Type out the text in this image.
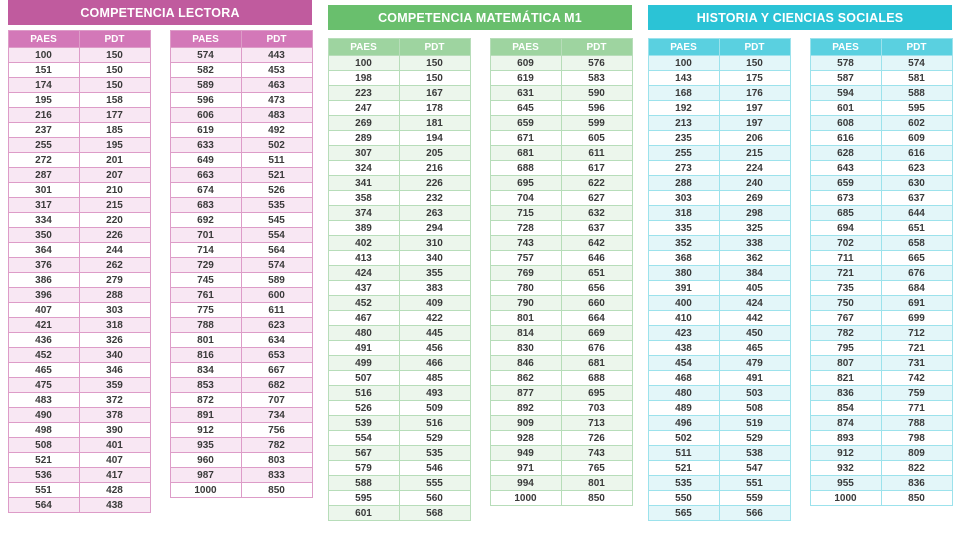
COMPETENCIA LECTORA
PAES	PDT
100	150
151	150
174	150
195	158
216	177
237	185
255	195
272	201
287	207
301	210
317	215
334	220
350	226
364	244
376	262
386	279
396	288
407	303
421	318
436	326
452	340
465	346
475	359
483	372
490	378
498	390
508	401
521	407
536	417
551	428
564	438
PAES	PDT
574	443
582	453
589	463
596	473
606	483
619	492
633	502
649	511
663	521
674	526
683	535
692	545
701	554
714	564
729	574
745	589
761	600
775	611
788	623
801	634
816	653
834	667
853	682
872	707
891	734
912	756
935	782
960	803
987	833
1000	850
COMPETENCIA MATEMÁTICA M1
PAES	PDT
100	150
198	150
223	167
247	178
269	181
289	194
307	205
324	216
341	226
358	232
374	263
389	294
402	310
413	340
424	355
437	383
452	409
467	422
480	445
491	456
499	466
507	485
516	493
526	509
539	516
554	529
567	535
579	546
588	555
595	560
601	568
PAES	PDT
609	576
619	583
631	590
645	596
659	599
671	605
681	611
688	617
695	622
704	627
715	632
728	637
743	642
757	646
769	651
780	656
790	660
801	664
814	669
830	676
846	681
862	688
877	695
892	703
909	713
928	726
949	743
971	765
994	801
1000	850
HISTORIA Y CIENCIAS SOCIALES
PAES	PDT
100	150
143	175
168	176
192	197
213	197
235	206
255	215
273	224
288	240
303	269
318	298
335	325
352	338
368	362
380	384
391	405
400	424
410	442
423	450
438	465
454	479
468	491
480	503
489	508
496	519
502	529
511	538
521	547
535	551
550	559
565	566
PAES	PDT
578	574
587	581
594	588
601	595
608	602
616	609
628	616
643	623
659	630
673	637
685	644
694	651
702	658
711	665
721	676
735	684
750	691
767	699
782	712
795	721
807	731
821	742
836	759
854	771
874	788
893	798
912	809
932	822
955	836
1000	850
